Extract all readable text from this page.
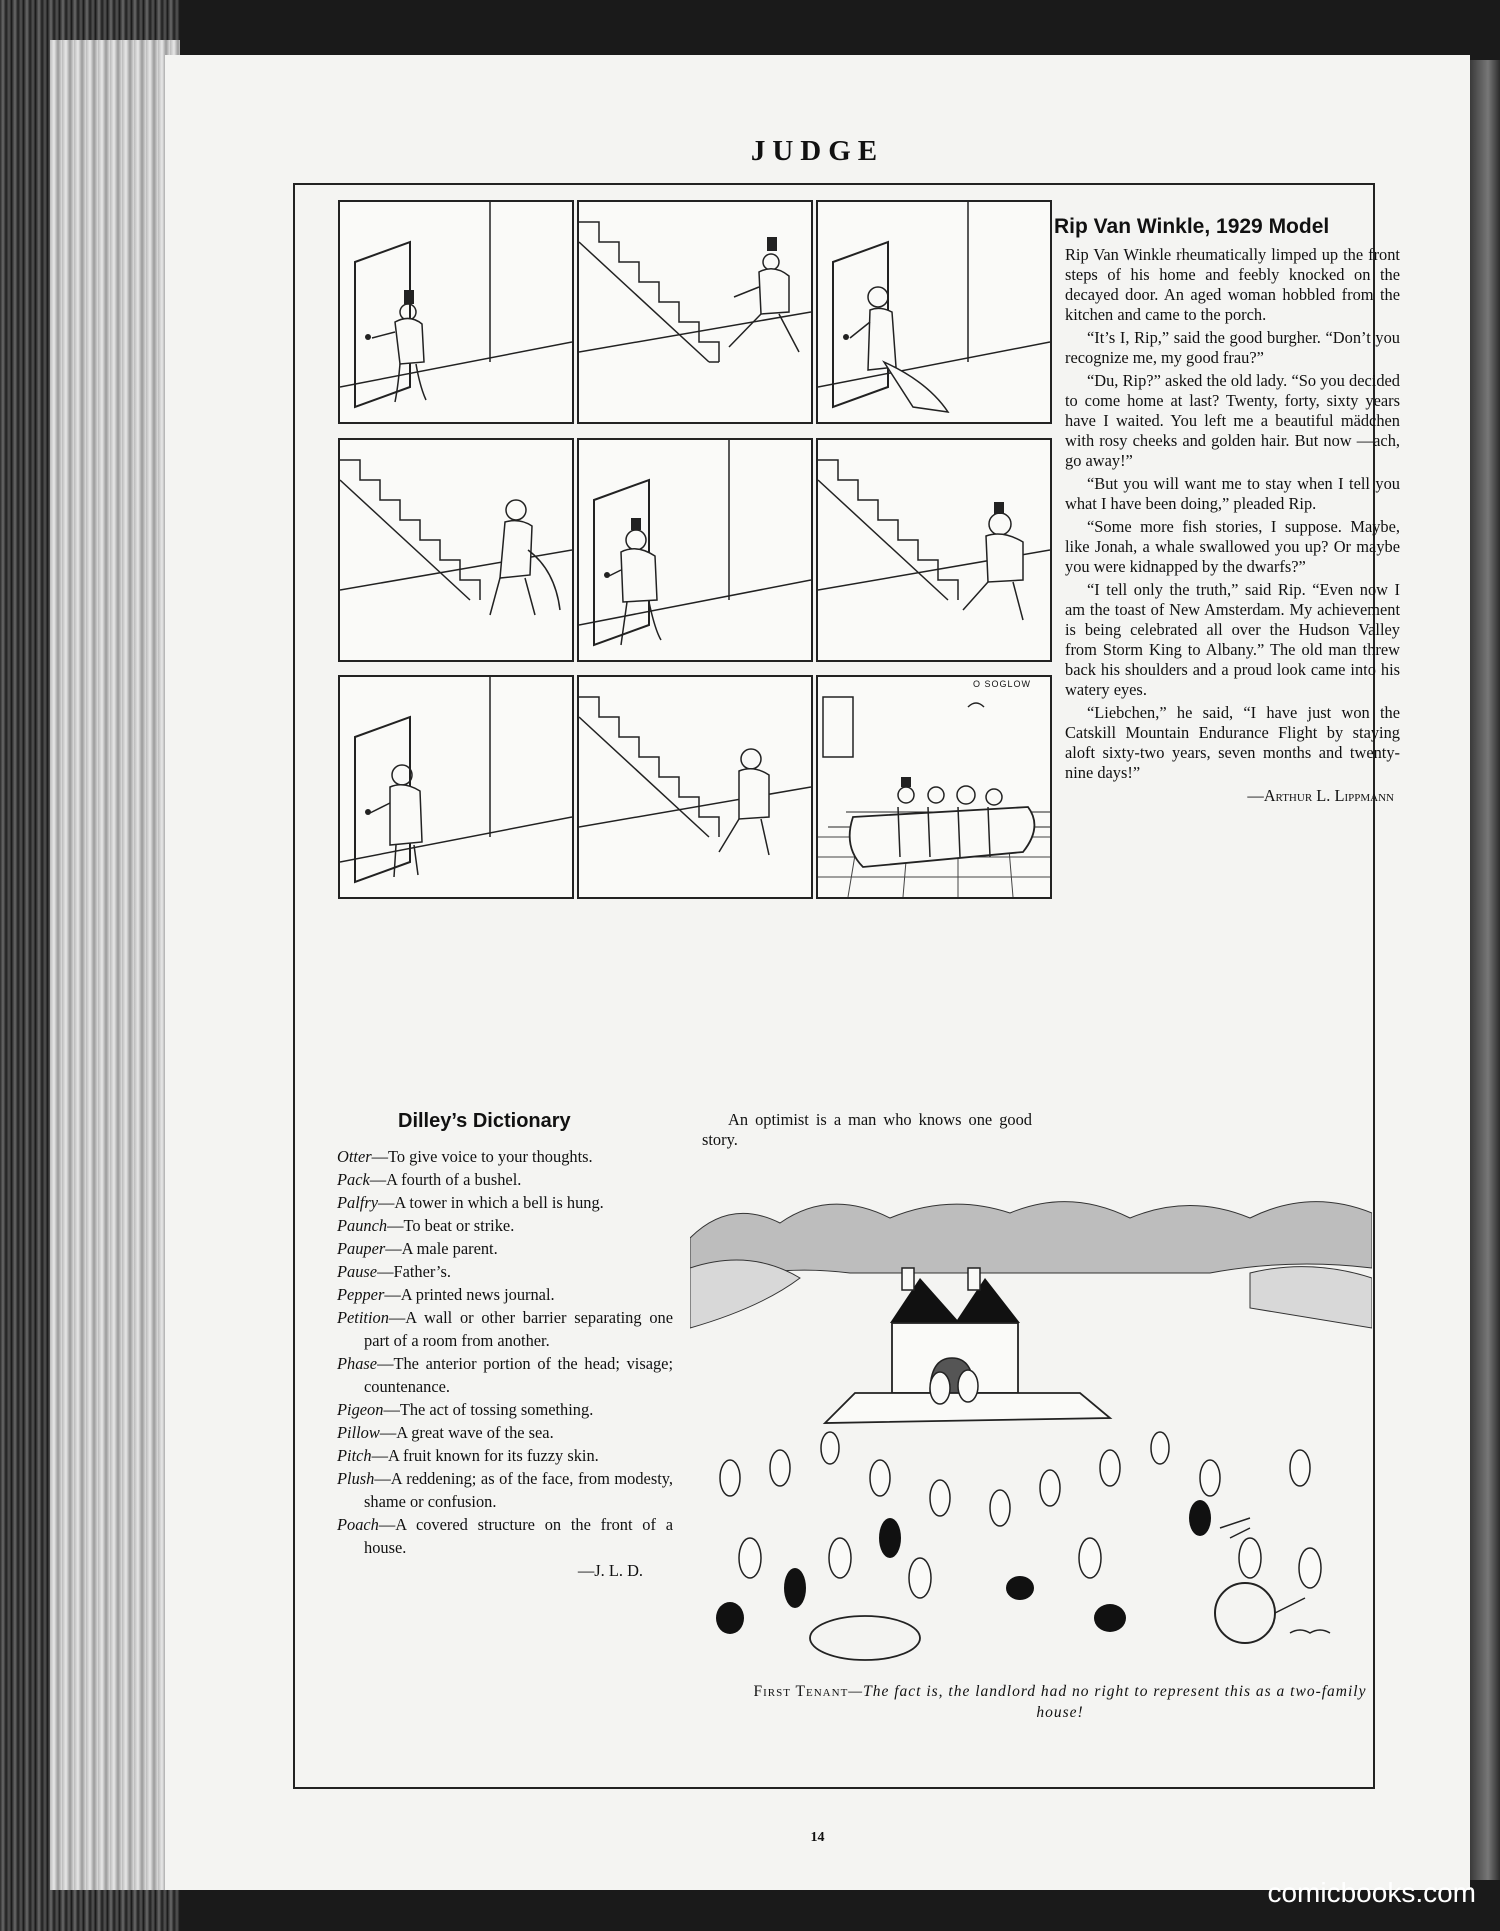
JUDGE
O SOGLOW
Rip Van Winkle, 1929 Model

Rip Van Winkle rheumatically limped up the front steps of his home and feebly knocked on the decayed door. An aged woman hobbled from the kitchen and came to the porch.

“It’s I, Rip,” said the good burgher. “Don’t you recognize me, my good frau?”

“Du, Rip?” asked the old lady. “So you decided to come home at last? Twenty, forty, sixty years have I waited. You left me a beautiful mädchen with rosy cheeks and golden hair. But now —ach, go away!”

“But you will want me to stay when I tell you what I have been doing,” pleaded Rip.

“Some more fish stories, I suppose. Maybe, like Jonah, a whale swallowed you up? Or maybe you were kidnapped by the dwarfs?”

“I tell only the truth,” said Rip. “Even now I am the toast of New Amsterdam. My achievement is being celebrated all over the Hudson Valley from Storm King to Albany.” The old man threw back his shoulders and a proud look came into his watery eyes.

“Liebchen,” he said, “I have just won the Catskill Mountain Endurance Flight by staying aloft sixty-two years, seven months and twenty-nine days!”

—Arthur L. Lippmann
Dilley’s Dictionary
Otter—To give voice to your thoughts.
Pack—A fourth of a bushel.
Palfry—A tower in which a bell is hung.
Paunch—To beat or strike.
Pauper—A male parent.
Pause—Father’s.
Pepper—A printed news journal.
Petition—A wall or other barrier separating one part of a room from another.
Phase—The anterior portion of the head; visage; countenance.
Pigeon—The act of tossing something.
Pillow—A great wave of the sea.
Pitch—A fruit known for its fuzzy skin.
Plush—A reddening; as of the face, from modesty, shame or confusion.
Poach—A covered structure on the front of a house.
—J. L. D.
An optimist is a man who knows one good story.
First Tenant—The fact is, the landlord had no right to represent this as a two-family house!
14
comicbooks.com
